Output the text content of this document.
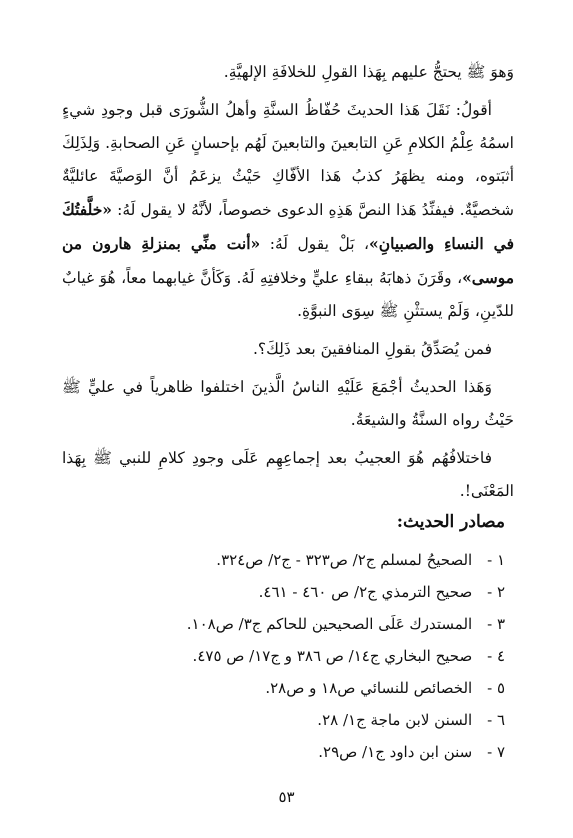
وَهوَ ﷺ يحتجُّ عليهم بِهَذا القولِ للخلافَةِ الإلهيَّةِ.

أقولُ: نَقَلَ هَذا الحديثَ حُفّاظُ السنَّةِ وأهلُ الشُّورَى قبل وجودِ شيءٍ اسمُهُ عِلْمُ الكلامِ عَنِ التابعينَ والتابعينَ لَهُم بإحسانٍ عَنِ الصحابةِ. وَلِذَلِكَ أثبَتوه، ومنه يظهَرُ كذبُ هَذا الأفّاكِ حَيْثُ يزعَمُ أنَّ الوَصيَّةَ عائليَّةٌ شخصيَّةٌ. فيفنِّدُ هَذا النصَّ هَذِهِ الدعوى خصوصاً، لأنَّهُ لا يقول لَهُ: «خلَّفتُكَ في النساءِ والصبيانِ»، بَلْ يقول لَهُ: «أنت منِّي بمنزلةِ هارون من موسى»، وقَرَنَ ذهابَهُ ببقاءِ عليٍّ وخلافتِهِ لَهُ. وَكَأنَّ غيابهما معاً، هُوَ غيابٌ للدّينِ، وَلَمْ يستثْنِ ﷺ سِوَى النبوَّةِ.

فمن يُصَدِّقُ بقولِ المنافقينَ بعد ذَلِكَ؟.

وَهَذا الحديثُ أجْمَعَ عَلَيْهِ الناسُ الَّذينَ اختلفوا ظاهرياً في عليٍّ ﷺ حَيْثُ رواه السنَّةُ والشيعَةُ.

فاختلافُهُم هُوَ العجيبُ بعد إجماعِهِم عَلَى وجودِ كلامِ للنبي ﷺ بِهَذا المَعْنَى!.

مصادر الحديث:
١ - الصحيحُ لمسلم ج٢/ ص٣٢٣ - ج٢/ ص٣٢٤.
٢ - صحيح الترمذي ج٢/ ص ٤٦٠ - ٤٦١.
٣ - المستدرك عَلَى الصحيحين للحاكم ج٣/ ص١٠٨.
٤ - صحيح البخاري ج١٤/ ص ٣٨٦ و ج١٧/ ص ٤٧٥.
٥ - الخصائص للنسائي ص١٨ و ص٢٨.
٦ - السنن لابن ماجة ج١/ ٢٨.
٧ - سنن ابن داود ج١/ ص٢٩.
٥٣
